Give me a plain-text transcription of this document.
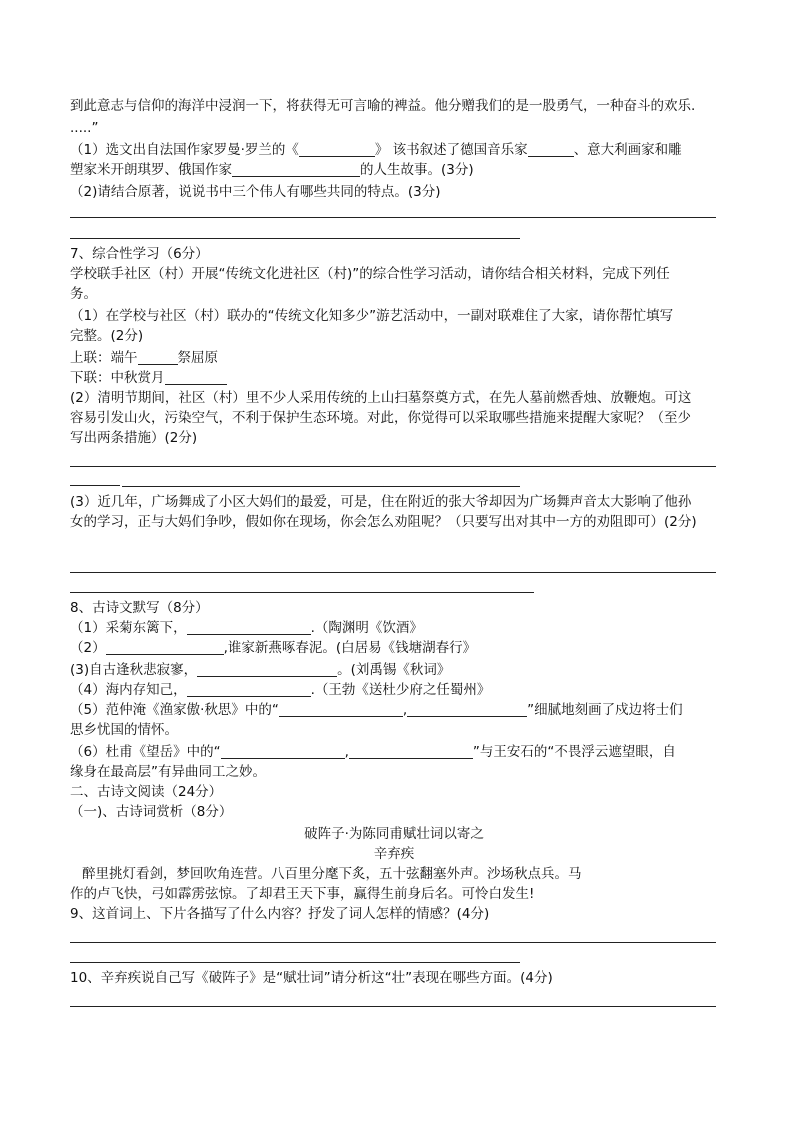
到此意志与信仰的海洋中浸润一下，将获得无可言喻的裨益。他分赠我们的是一股勇气，一种奋斗的欢乐.
.....”
（1）选文出自法国作家罗曼·罗兰的《	》 该书叙述了德国音乐家	、意大利画家和雕
塑家米开朗琪罗、俄国作家	的人生故事。(3分)
（2)请结合原著，说说书中三个伟人有哪些共同的特点。(3分)
7、综合性学习（6分）
学校联手社区（村）开展“传统文化进社区（村)”的综合性学习活动，请你结合相关材料，完成下列任
务。
（1）在学校与社区（村）联办的“传统文化知多少”游艺活动中，一副对联难住了大家，请你帮忙填写
完整。(2分)
上联：端午	祭屈原
下联：中秋赏月
(2）清明节期间，社区（村）里不少人采用传统的上山扫墓祭奠方式，在先人墓前燃香烛、放鞭炮。可这
容易引发山火，污染空气，不利于保护生态环境。对此，你觉得可以采取哪些措施来提醒大家呢？（至少
写出两条措施）(2分)
(3）近几年，广场舞成了小区大妈们的最爱，可是，住在附近的张大爷却因为广场舞声音太大影响了他孙
女的学习，正与大妈们争吵，假如你在现场，你会怎么劝阻呢？（只要写出对其中一方的劝阻即可）(2分)
8、古诗文默写（8分）
（1）采菊东篱下，	.（陶渊明《饮酒》
（2）	,谁家新燕啄春泥。(白居易《钱塘湖春行》
(3)自古逢秋悲寂寥，	。(刘禹锡《秋词》
（4）海内存知己，	.（王勃《送杜少府之任蜀州》
（5）范仲淹《渔家傲·秋思》中的“	,	”细腻地刻画了戍边将士们
思乡忧国的情怀。
（6）杜甫《望岳》中的“	,	”与王安石的“不畏浮云遮望眼，自
缘身在最高层”有异曲同工之妙。
二、古诗文阅读（24分）
（一)、古诗词赏析（8分）
破阵子·为陈同甫赋壮词以寄之
辛弃疾
醉里挑灯看剑，梦回吹角连营。八百里分麾下炙，五十弦翻塞外声。沙场秋点兵。马
作的卢飞快，弓如霹雳弦惊。了却君王天下事，赢得生前身后名。可怜白发生!
9、这首词上、下片各描写了什么内容？抒发了词人怎样的情感？(4分)
10、辛弃疾说自己写《破阵子》是“赋壮词”请分析这“壮”表现在哪些方面。(4分)
